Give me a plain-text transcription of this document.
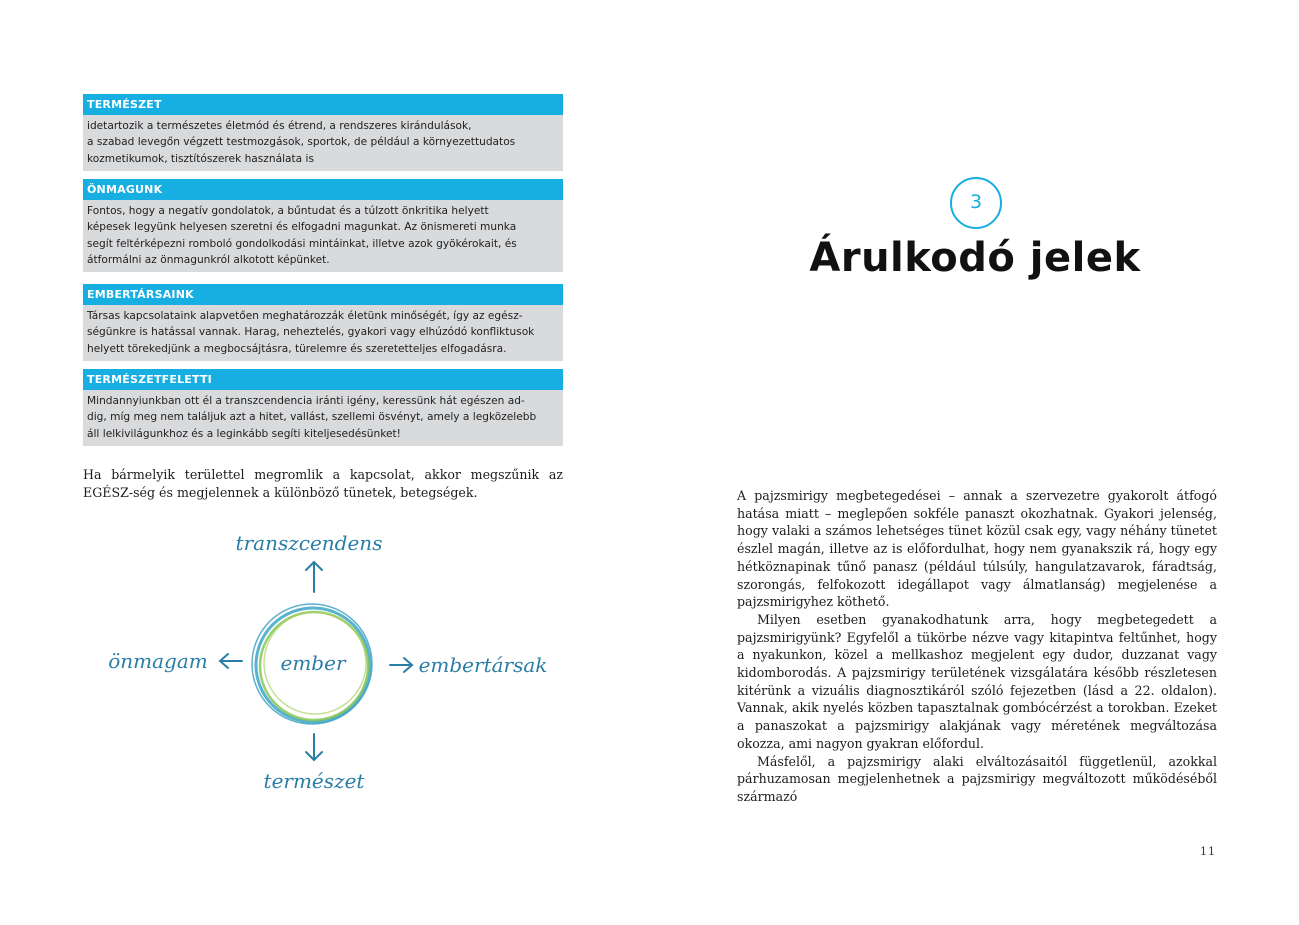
TERMÉSZET
idetartozik a természetes életmód és étrend, a rendszeres kirándulások,
a szabad levegőn végzett testmozgások, sportok, de például a környezettudatos
kozmetikumok, tisztítószerek használata is
ÖNMAGUNK
Fontos, hogy a negatív gondolatok, a bűntudat és a túlzott önkritika helyett
képesek legyünk helyesen szeretni és elfogadni magunkat. Az önismereti munka
segít feltérképezni romboló gondolkodási mintáinkat, illetve azok gyökérokait, és
átformálni az önmagunkról alkotott képünket.
EMBERTÁRSAINK
Társas kapcsolataink alapvetően meghatározzák életünk minőségét, így az egész-
ségünkre is hatással vannak. Harag, neheztelés, gyakori vagy elhúzódó konfliktusok
helyett törekedjünk a megbocsájtásra, türelemre és szeretetteljes elfogadásra.
TERMÉSZETFELETTI
Mindannyiunkban ott él a transzcendencia iránti igény, keressünk hát egészen ad-
dig, míg meg nem találjuk azt a hitet, vallást, szellemi ösvényt, amely a legközelebb
áll lelkivilágunkhoz és a leginkább segíti kiteljesedésünket!

Ha bármelyik területtel megromlik a kapcsolat, akkor megszűnik az EGÉSZ-ség és megjelennek a különböző tünetek, betegségek.

ember
transzcendens
önmagam	embertársak
természet
3
Árulkodó jelek

A pajzsmirigy megbetegedései – annak a szervezetre gyakorolt átfogó hatása miatt – meglepően sokféle panaszt okozhatnak. Gyakori jelenség, hogy valaki a számos lehetséges tünet közül csak egy, vagy néhány tünetet észlel magán, illetve az is előfordulhat, hogy nem gyanakszik rá, hogy egy hétköznapinak tűnő panasz (például túlsúly, hangulatzavarok, fáradtság, szorongás, felfokozott idegállapot vagy álmatlanság) megjelenése a pajzsmirigyhez köthető.

Milyen esetben gyanakodhatunk arra, hogy megbetegedett a pajzsmirigyünk? Egyfelől a tükörbe nézve vagy kitapintva feltűnhet, hogy a nyakunkon, közel a mellkashoz megjelent egy dudor, duzzanat vagy kidomborodás. A pajzsmirigy területének vizsgálatára később részletesen kitérünk a vizuális diagnosztikáról szóló fejezetben (lásd a 22. oldalon). Vannak, akik nyelés közben tapasztalnak gombócérzést a torokban. Ezeket a panaszokat a pajzsmirigy alakjának vagy méretének megváltozása okozza, ami nagyon gyakran előfordul.

Másfelől, a pajzsmirigy alaki elváltozásaitól függetlenül, azokkal párhuzamosan megjelenhetnek a pajzsmirigy megváltozott működéséből származó

11
